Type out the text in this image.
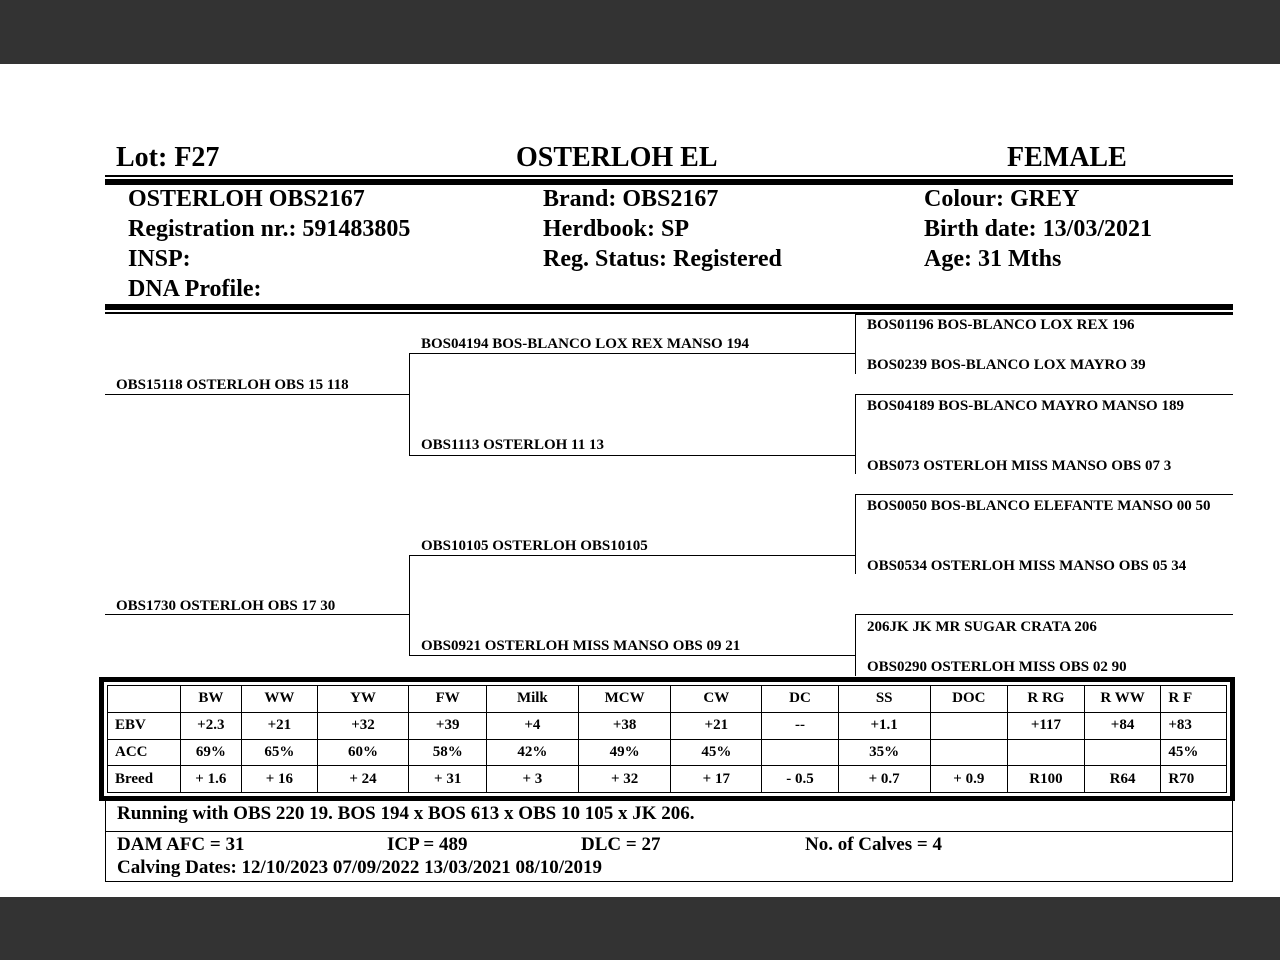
Lot: F27	OSTERLOH EL	FEMALE
OSTERLOH OBS2167
Registration nr.: 591483805
INSP:
DNA Profile:
Brand: OBS2167
Herdbook: SP
Reg. Status: Registered
Colour: GREY
Birth date: 13/03/2021
Age: 31 Mths
OBS15118 OSTERLOH OBS 15 118
OBS1730 OSTERLOH OBS 17 30
BOS04194 BOS-BLANCO LOX REX MANSO 194
OBS1113 OSTERLOH 11 13
OBS10105 OSTERLOH OBS10105
OBS0921 OSTERLOH MISS MANSO OBS 09 21
BOS01196 BOS-BLANCO LOX REX 196
BOS0239 BOS-BLANCO LOX MAYRO 39
BOS04189 BOS-BLANCO MAYRO MANSO 189
OBS073 OSTERLOH MISS MANSO OBS 07 3
BOS0050 BOS-BLANCO ELEFANTE MANSO 00 50
OBS0534 OSTERLOH MISS MANSO OBS 05 34
206JK JK MR SUGAR CRATA 206
OBS0290 OSTERLOH MISS OBS 02 90
	BW	WW	YW	FW	Milk	MCW	CW	DC	SS	DOC	R RG	R WW	R F
EBV	+2.3	+21	+32	+39	+4	+38	+21	--	+1.1		+117	+84	+83
ACC	69%	65%	60%	58%	42%	49%	45%		35%				45%
Breed	+ 1.6	+ 16	+ 24	+ 31	+ 3	+ 32	+ 17	- 0.5	+ 0.7	+ 0.9	R100	R64	R70
Running with OBS 220 19. BOS 194 x BOS 613 x OBS 10 105 x JK 206.
DAM AFC = 31	ICP = 489	DLC = 27	No. of Calves = 4
Calving Dates: 12/10/2023 07/09/2022 13/03/2021 08/10/2019
